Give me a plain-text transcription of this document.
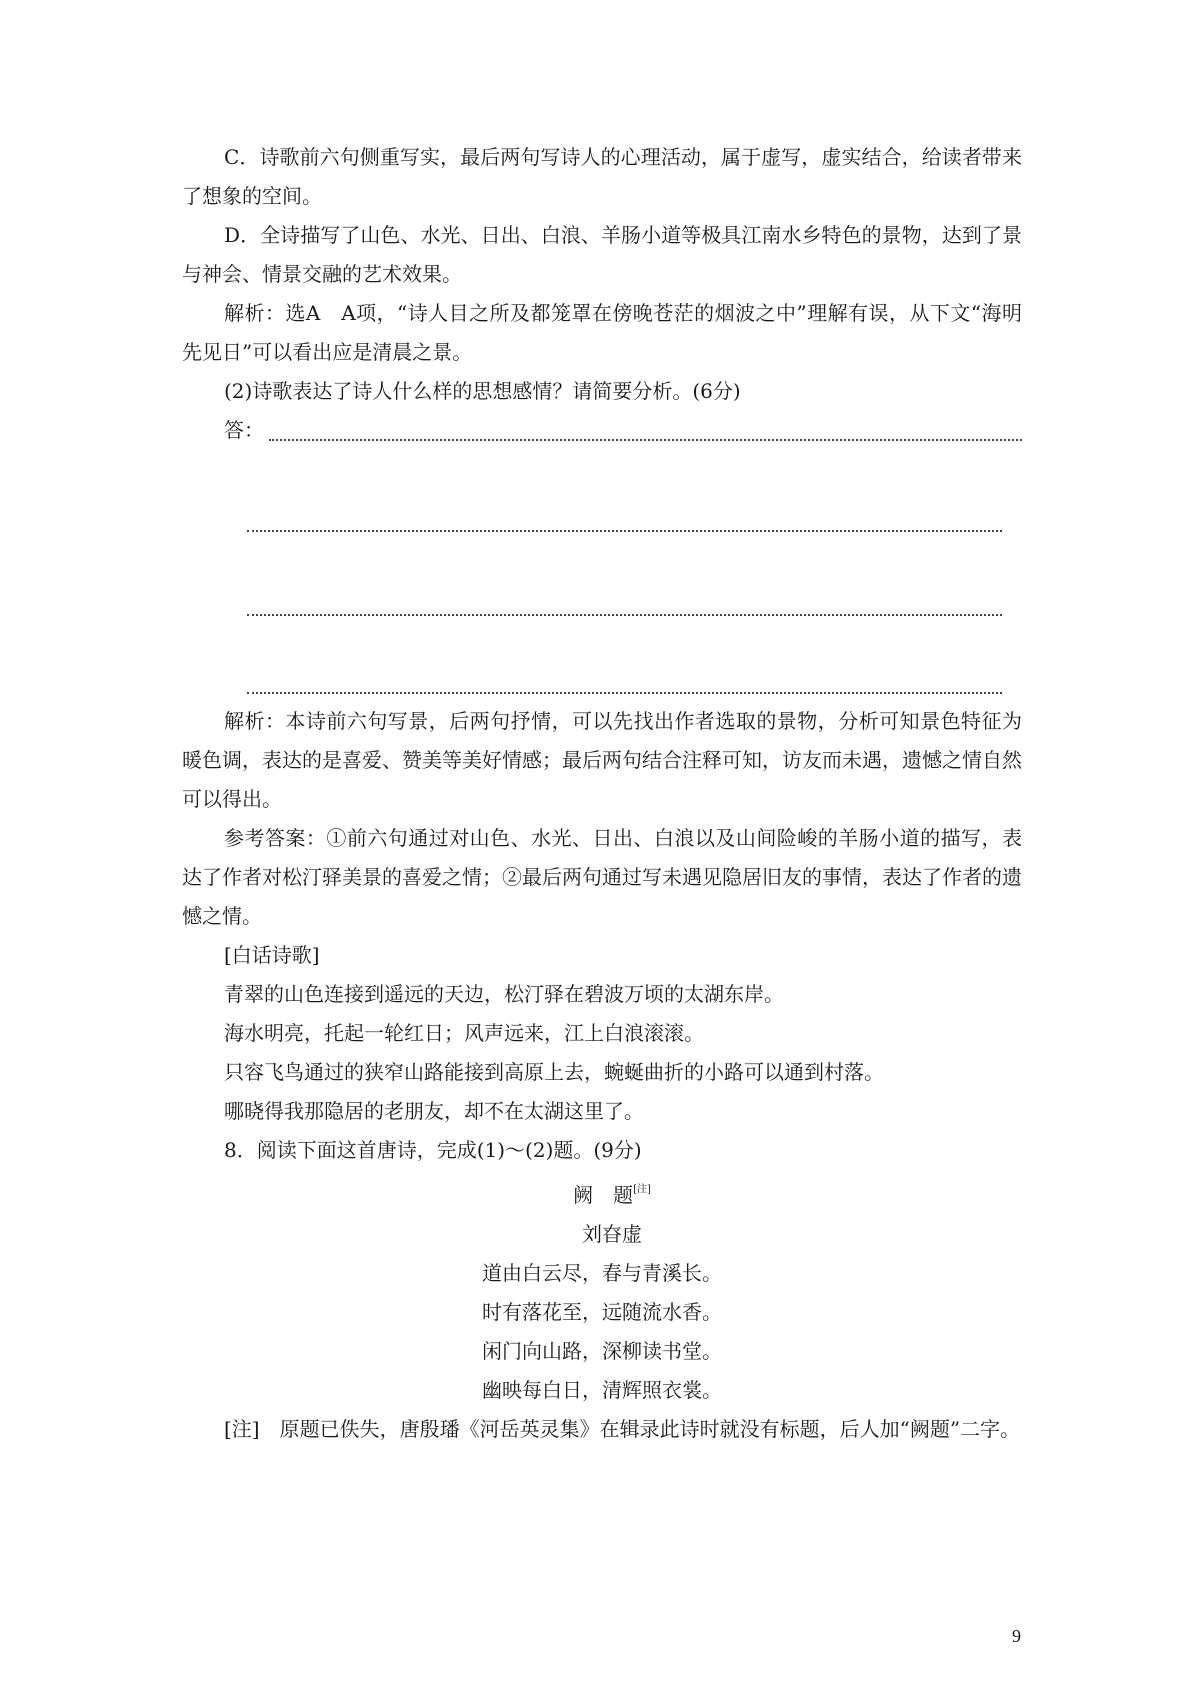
C．诗歌前六句侧重写实，最后两句写诗人的心理活动，属于虚写，虚实结合，给读者带来了想象的空间。

D．全诗描写了山色、水光、日出、白浪、羊肠小道等极具江南水乡特色的景物，达到了景与神会、情景交融的艺术效果。

解析：选A　A项，“诗人目之所及都笼罩在傍晚苍茫的烟波之中”理解有误，从下文“海明先见日”可以看出应是清晨之景。

(2)诗歌表达了诗人什么样的思想感情？请简要分析。(6分)

答：

解析：本诗前六句写景，后两句抒情，可以先找出作者选取的景物，分析可知景色特征为暖色调，表达的是喜爱、赞美等美好情感；最后两句结合注释可知，访友而未遇，遗憾之情自然可以得出。

参考答案：①前六句通过对山色、水光、日出、白浪以及山间险峻的羊肠小道的描写，表达了作者对松汀驿美景的喜爱之情；②最后两句通过写未遇见隐居旧友的事情，表达了作者的遗憾之情。

[白话诗歌]

青翠的山色连接到遥远的天边，松汀驿在碧波万顷的太湖东岸。

海水明亮，托起一轮红日；风声远来，江上白浪滚滚。

只容飞鸟通过的狭窄山路能接到高原上去，蜿蜒曲折的小路可以通到村落。

哪晓得我那隐居的老朋友，却不在太湖这里了。

8．阅读下面这首唐诗，完成(1)～(2)题。(9分)

阙　题[注]

刘昚虚

道由白云尽，春与青溪长。

时有落花至，远随流水香。

闲门向山路，深柳读书堂。

幽映每白日，清辉照衣裳。

[注]　原题已佚失，唐殷璠《河岳英灵集》在辑录此诗时就没有标题，后人加“阙题”二字。

9
